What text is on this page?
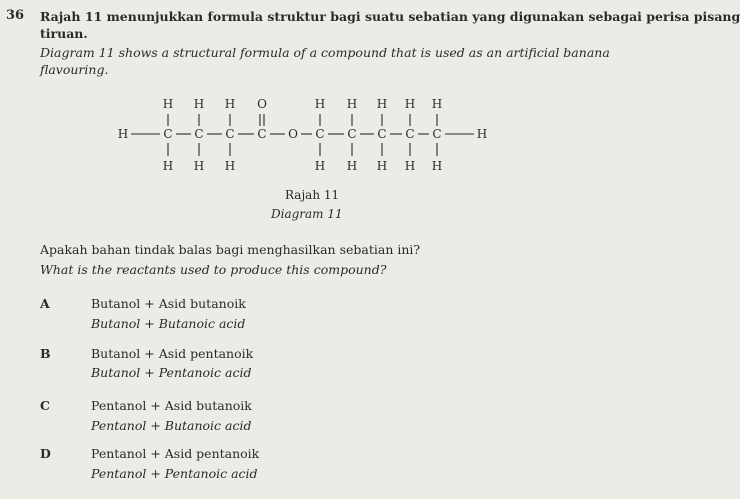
36 Rajah 11 menunjukkan formula struktur bagi suatu sebatian yang digunakan sebagai perisa pisang
tiruan.
Diagram 11 shows a structural formula of a compound that is used as an artificial banana
flavouring.
H H H O	H H H H H
H	C C C C O C C C C C	H
H H H	H H H H H
Rajah 11
Diagram 11
Apakah bahan tindak balas bagi menghasilkan sebatian ini?
What is the reactants used to produce this compound?
A	Butanol + Asid butanoik
Butanol + Butanoic acid
B	Butanol + Asid pentanoik
Butanol + Pentanoic acid
C	Pentanol + Asid butanoik
Pentanol + Butanoic acid
D	Pentanol + Asid pentanoik
Pentanol + Pentanoic acid
